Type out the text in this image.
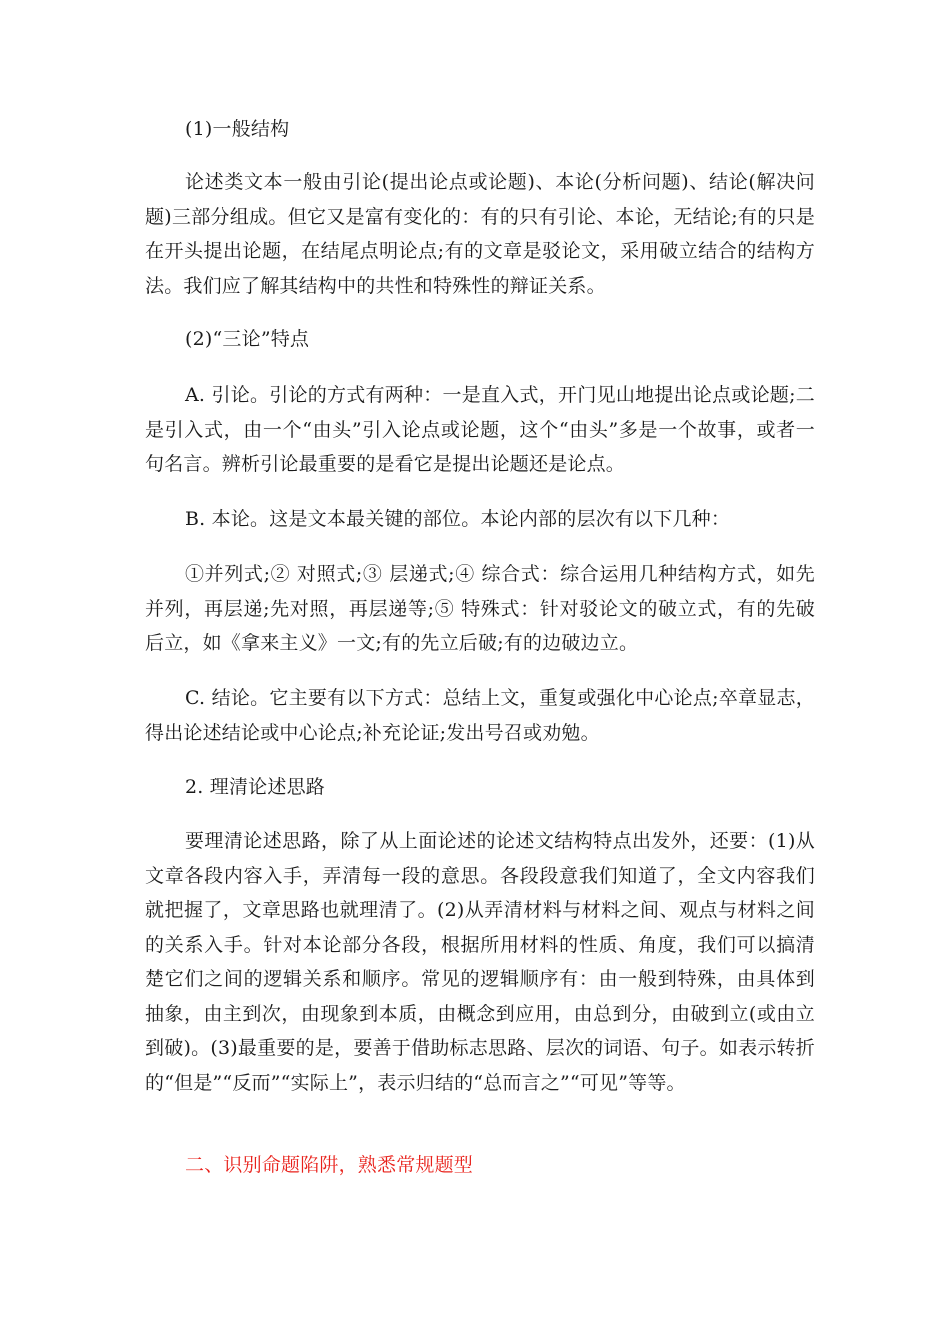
(1)一般结构

论述类文本一般由引论(提出论点或论题)、本论(分析问题)、结论(解决问题)三部分组成。但它又是富有变化的：有的只有引论、本论，无结论;有的只是在开头提出论题，在结尾点明论点;有的文章是驳论文，采用破立结合的结构方法。我们应了解其结构中的共性和特殊性的辩证关系。

(2)“三论”特点

A. 引论。引论的方式有两种：一是直入式，开门见山地提出论点或论题;二是引入式，由一个“由头”引入论点或论题，这个“由头”多是一个故事，或者一句名言。辨析引论最重要的是看它是提出论题还是论点。

B. 本论。这是文本最关键的部位。本论内部的层次有以下几种：

①并列式;② 对照式;③ 层递式;④ 综合式：综合运用几种结构方式，如先并列，再层递;先对照，再层递等;⑤ 特殊式：针对驳论文的破立式，有的先破后立，如《拿来主义》一文;有的先立后破;有的边破边立。

C. 结论。它主要有以下方式：总结上文，重复或强化中心论点;卒章显志，得出论述结论或中心论点;补充论证;发出号召或劝勉。

2. 理清论述思路

要理清论述思路，除了从上面论述的论述文结构特点出发外，还要：(1)从文章各段内容入手，弄清每一段的意思。各段段意我们知道了，全文内容我们就把握了，文章思路也就理清了。(2)从弄清材料与材料之间、观点与材料之间的关系入手。针对本论部分各段，根据所用材料的性质、角度，我们可以搞清楚它们之间的逻辑关系和顺序。常见的逻辑顺序有：由一般到特殊，由具体到抽象，由主到次，由现象到本质，由概念到应用，由总到分，由破到立(或由立到破)。(3)最重要的是，要善于借助标志思路、层次的词语、句子。如表示转折的“但是”“反而”“实际上”，表示归结的“总而言之”“可见”等等。

二、识别命题陷阱，熟悉常规题型
